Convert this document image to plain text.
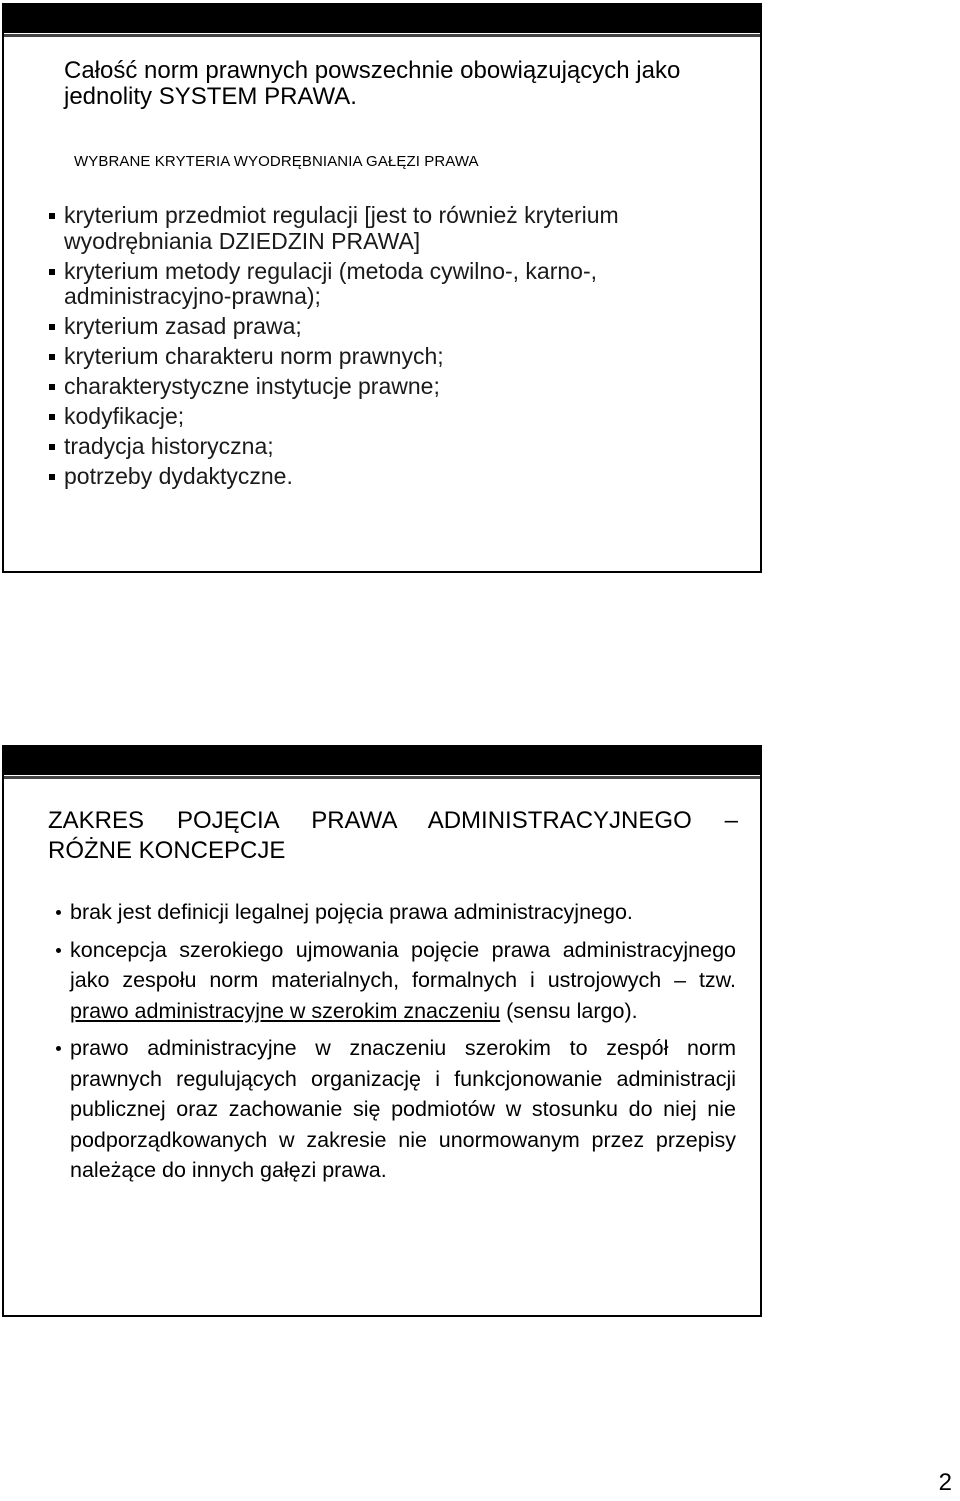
Całość norm prawnych powszechnie obowiązujących jako jednolity SYSTEM PRAWA.
WYBRANE KRYTERIA WYODRĘBNIANIA GAŁĘZI PRAWA
kryterium przedmiot regulacji [jest to również kryterium wyodrębniania DZIEDZIN PRAWA]
kryterium metody regulacji (metoda cywilno-, karno-, administracyjno-prawna);
kryterium zasad prawa;
kryterium charakteru norm prawnych;
charakterystyczne instytucje prawne;
kodyfikacje;
tradycja historyczna;
potrzeby dydaktyczne.
ZAKRES POJĘCIA PRAWA ADMINISTRACYJNEGO –
RÓŻNE KONCEPCJE
brak jest definicji legalnej pojęcia prawa administracyjnego.
koncepcja szerokiego ujmowania pojęcie prawa administracyjnego jako zespołu norm materialnych, formalnych i ustrojowych – tzw. prawo administracyjne w szerokim znaczeniu (sensu largo).
prawo administracyjne w znaczeniu szerokim to zespół norm prawnych regulujących organizację i funkcjonowanie administracji publicznej oraz zachowanie się podmiotów w stosunku do niej nie podporządkowanych w zakresie nie unormowanym przez przepisy należące do innych gałęzi prawa.
2
